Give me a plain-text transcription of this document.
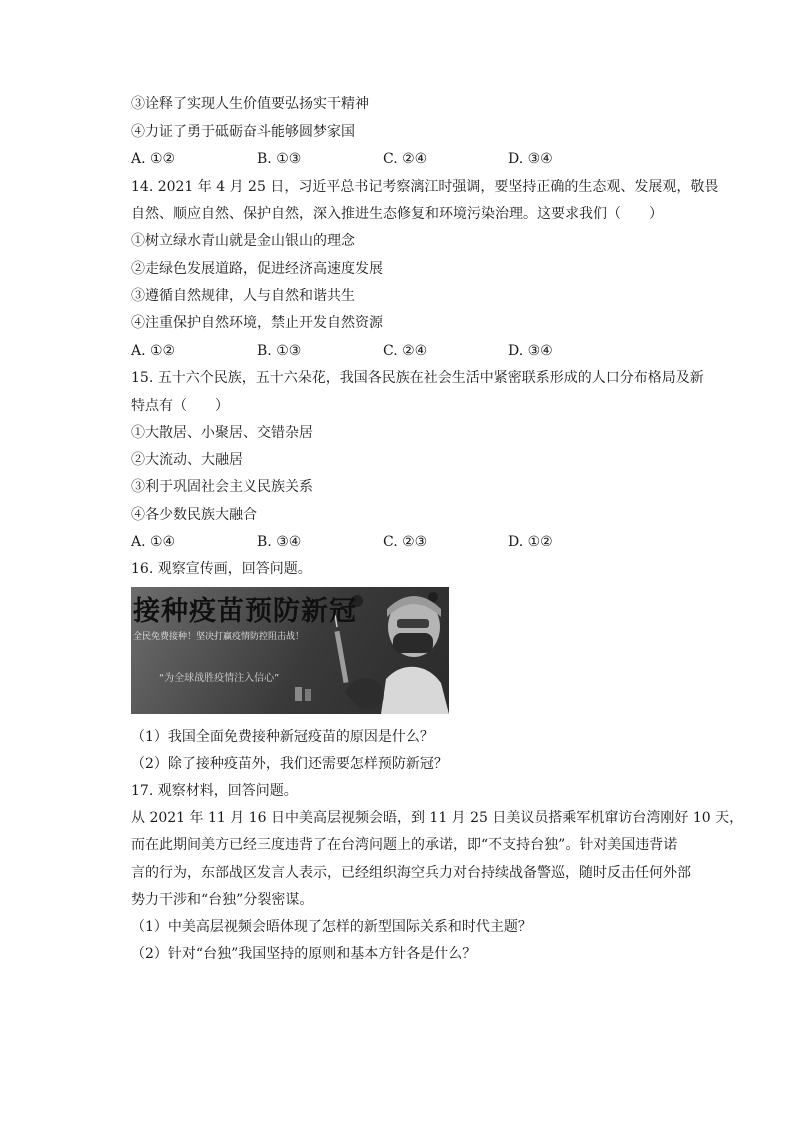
③诠释了实现人生价值要弘扬实干精神
④力证了勇于砥砺奋斗能够圆梦家国
A. ①②	B. ①③	C. ②④	D. ③④
14. 2021 年 4 月 25 日，习近平总书记考察漓江时强调，要坚持正确的生态观、发展观，敬畏
自然、顺应自然、保护自然，深入推进生态修复和环境污染治理。这要求我们（　　）
①树立绿水青山就是金山银山的理念
②走绿色发展道路，促进经济高速度发展
③遵循自然规律，人与自然和谐共生
④注重保护自然环境，禁止开发自然资源
A. ①②	B. ①③	C. ②④	D. ③④
15. 五十六个民族，五十六朵花，我国各民族在社会生活中紧密联系形成的人口分布格局及新
特点有（　　）
①大散居、小聚居、交错杂居
②大流动、大融居
③利于巩固社会主义民族关系
④各少数民族大融合
A. ①④	B. ③④	C. ②③	D. ①②
16. 观察宣传画，回答问题。
接种疫苗预防新冠
全民免费接种！坚决打赢疫情防控阻击战！
“为全球战胜疫情注入信心”
（1）我国全面免费接种新冠疫苗的原因是什么？
（2）除了接种疫苗外，我们还需要怎样预防新冠？
17. 观察材料，回答问题。
从 2021 年 11 月 16 日中美高层视频会晤，到 11 月 25 日美议员搭乘军机窜访台湾刚好 10 天，
而在此期间美方已经三度违背了在台湾问题上的承诺，即“不支持台独”。针对美国违背诺
言的行为，东部战区发言人表示，已经组织海空兵力对台持续战备警巡，随时反击任何外部
势力干涉和“台独”分裂密谋。
（1）中美高层视频会晤体现了怎样的新型国际关系和时代主题？
（2）针对“台独”我国坚持的原则和基本方针各是什么？
